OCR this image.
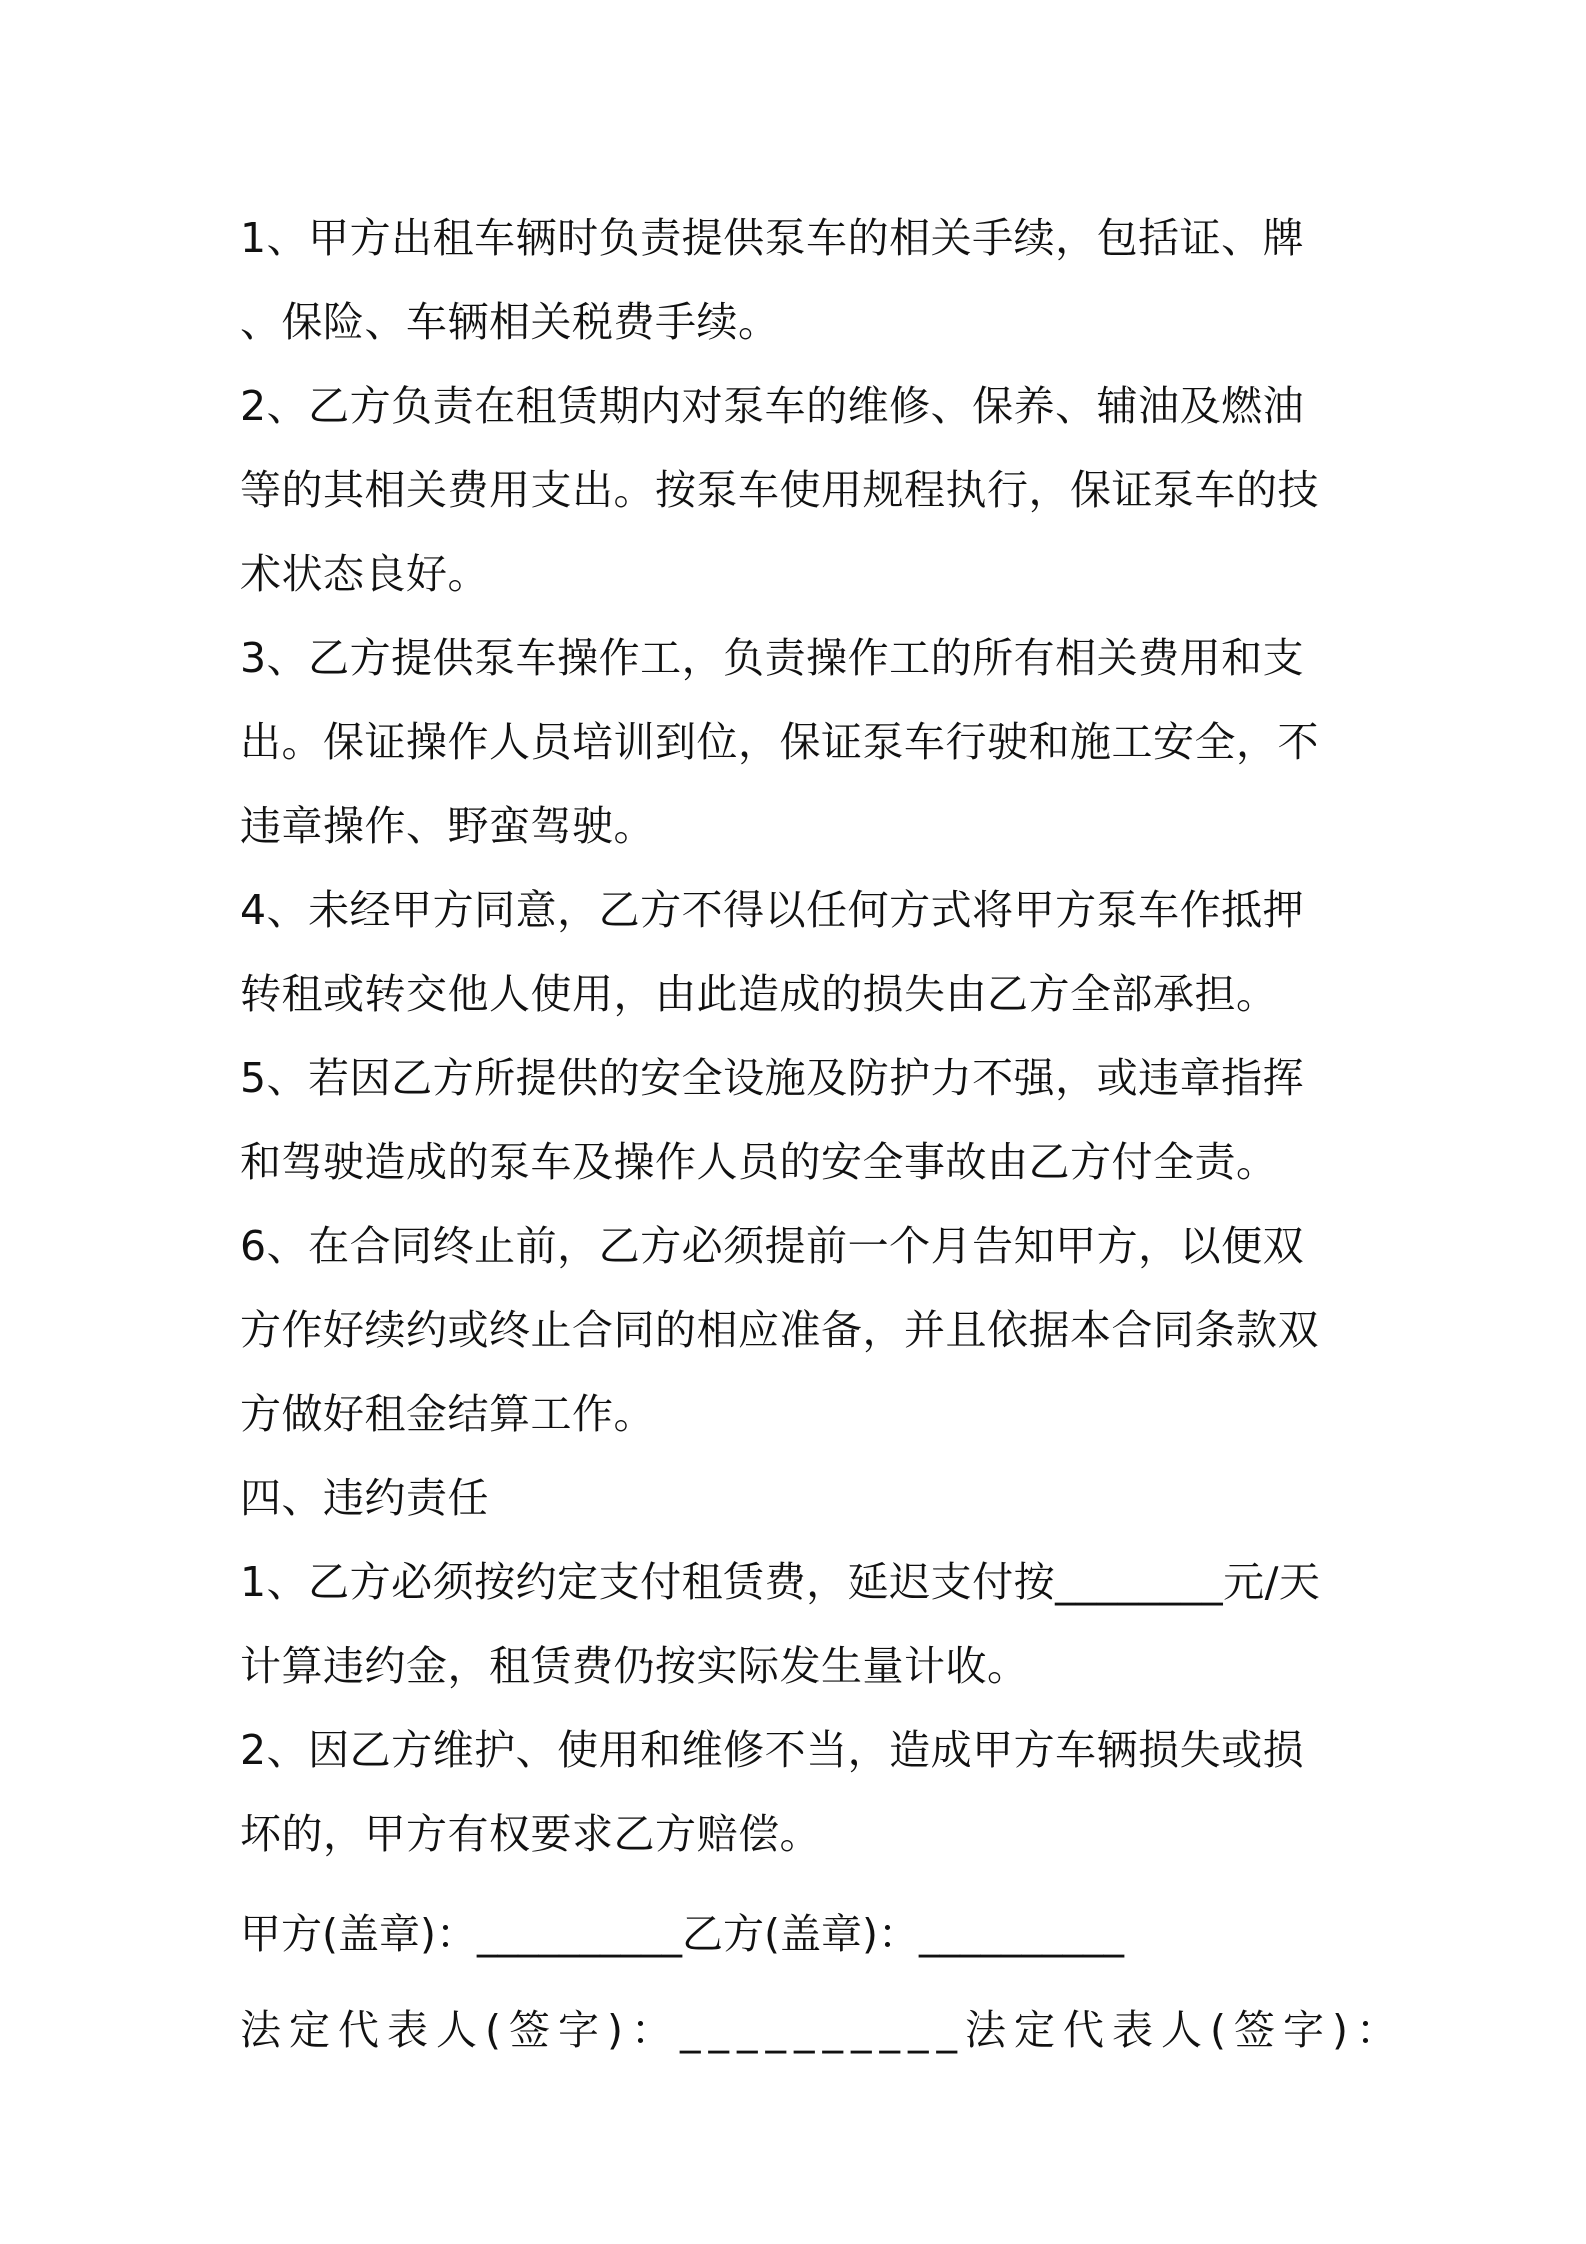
1、甲方出租车辆时负责提供泵车的相关手续，包括证、牌
、保险、车辆相关税费手续。
2、乙方负责在租赁期内对泵车的维修、保养、辅油及燃油
等的其相关费用支出。按泵车使用规程执行，保证泵车的技
术状态良好。
3、乙方提供泵车操作工，负责操作工的所有相关费用和支
出。保证操作人员培训到位，保证泵车行驶和施工安全，不
违章操作、野蛮驾驶。
4、未经甲方同意，乙方不得以任何方式将甲方泵车作抵押
转租或转交他人使用，由此造成的损失由乙方全部承担。
5、若因乙方所提供的安全设施及防护力不强，或违章指挥
和驾驶造成的泵车及操作人员的安全事故由乙方付全责。
6、在合同终止前，乙方必须提前一个月告知甲方，以便双
方作好续约或终止合同的相应准备，并且依据本合同条款双
方做好租金结算工作。
四、违约责任
1、乙方必须按约定支付租赁费，延迟支付按________元/天
计算违约金，租赁费仍按实际发生量计收。
2、因乙方维护、使用和维修不当，造成甲方车辆损失或损
坏的，甲方有权要求乙方赔偿。
甲方(盖章)：__________乙方(盖章)：__________
法定代表人(签字)：__________法定代表人(签字)：
